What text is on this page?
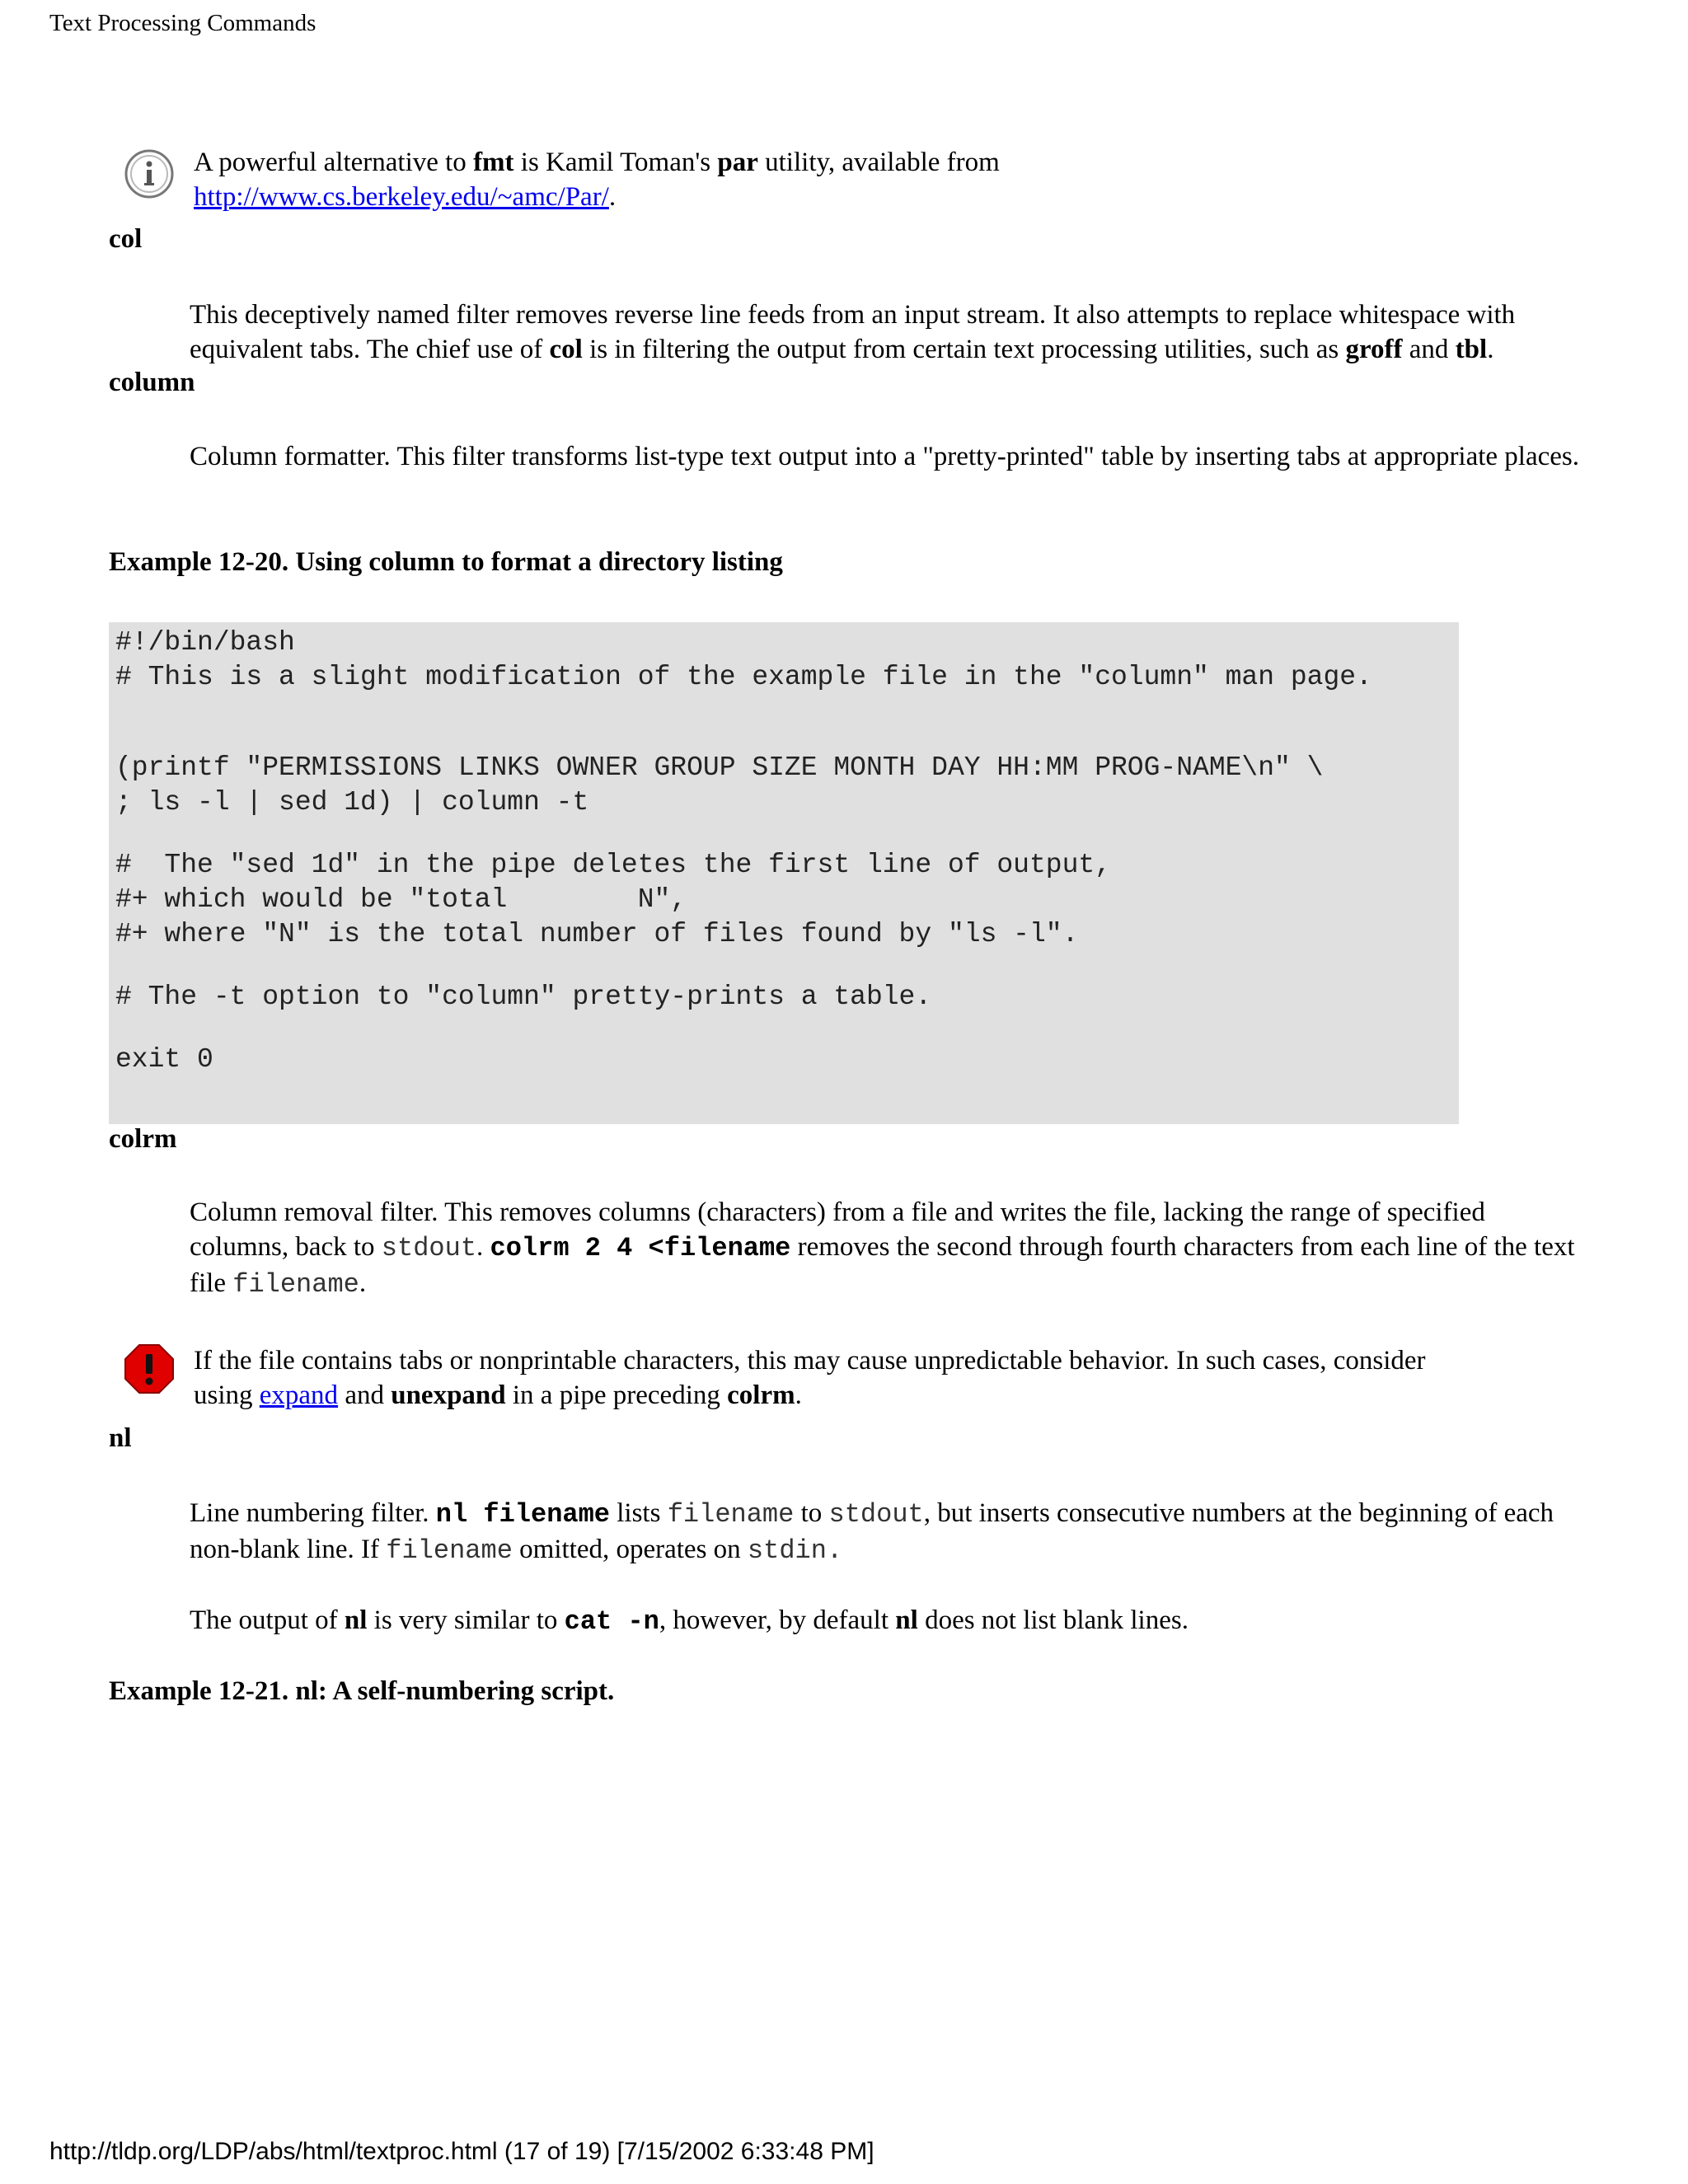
Text Processing Commands
A powerful alternative to fmt is Kamil Toman's par utility, available from
http://www.cs.berkeley.edu/~amc/Par/.
col
This deceptively named filter removes reverse line feeds from an input stream. It also attempts to replace whitespace with equivalent tabs. The chief use of col is in filtering the output from certain text processing utilities, such as groff and tbl.
column
Column formatter. This filter transforms list-type text output into a "pretty-printed" table by inserting tabs at appropriate places.
Example 12-20. Using column to format a directory listing
#!/bin/bash
# This is a slight modification of the example file in the "column" man page.
(printf "PERMISSIONS LINKS OWNER GROUP SIZE MONTH DAY HH:MM PROG-NAME\n" \
; ls -l | sed 1d) | column -t
#  The "sed 1d" in the pipe deletes the first line of output,
#+ which would be "total        N",
#+ where "N" is the total number of files found by "ls -l".
# The -t option to "column" pretty-prints a table.
exit 0
colrm
Column removal filter. This removes columns (characters) from a file and writes the file, lacking the range of specified columns, back to stdout. colrm 2 4 <filename removes the second through fourth characters from each line of the text file filename.
If the file contains tabs or nonprintable characters, this may cause unpredictable behavior. In such cases, consider using expand and unexpand in a pipe preceding colrm.
nl
Line numbering filter. nl filename lists filename to stdout, but inserts consecutive numbers at the beginning of each non-blank line. If filename omitted, operates on stdin.
The output of nl is very similar to cat -n, however, by default nl does not list blank lines.
Example 12-21. nl: A self-numbering script.
http://tldp.org/LDP/abs/html/textproc.html (17 of 19) [7/15/2002 6:33:48 PM]
